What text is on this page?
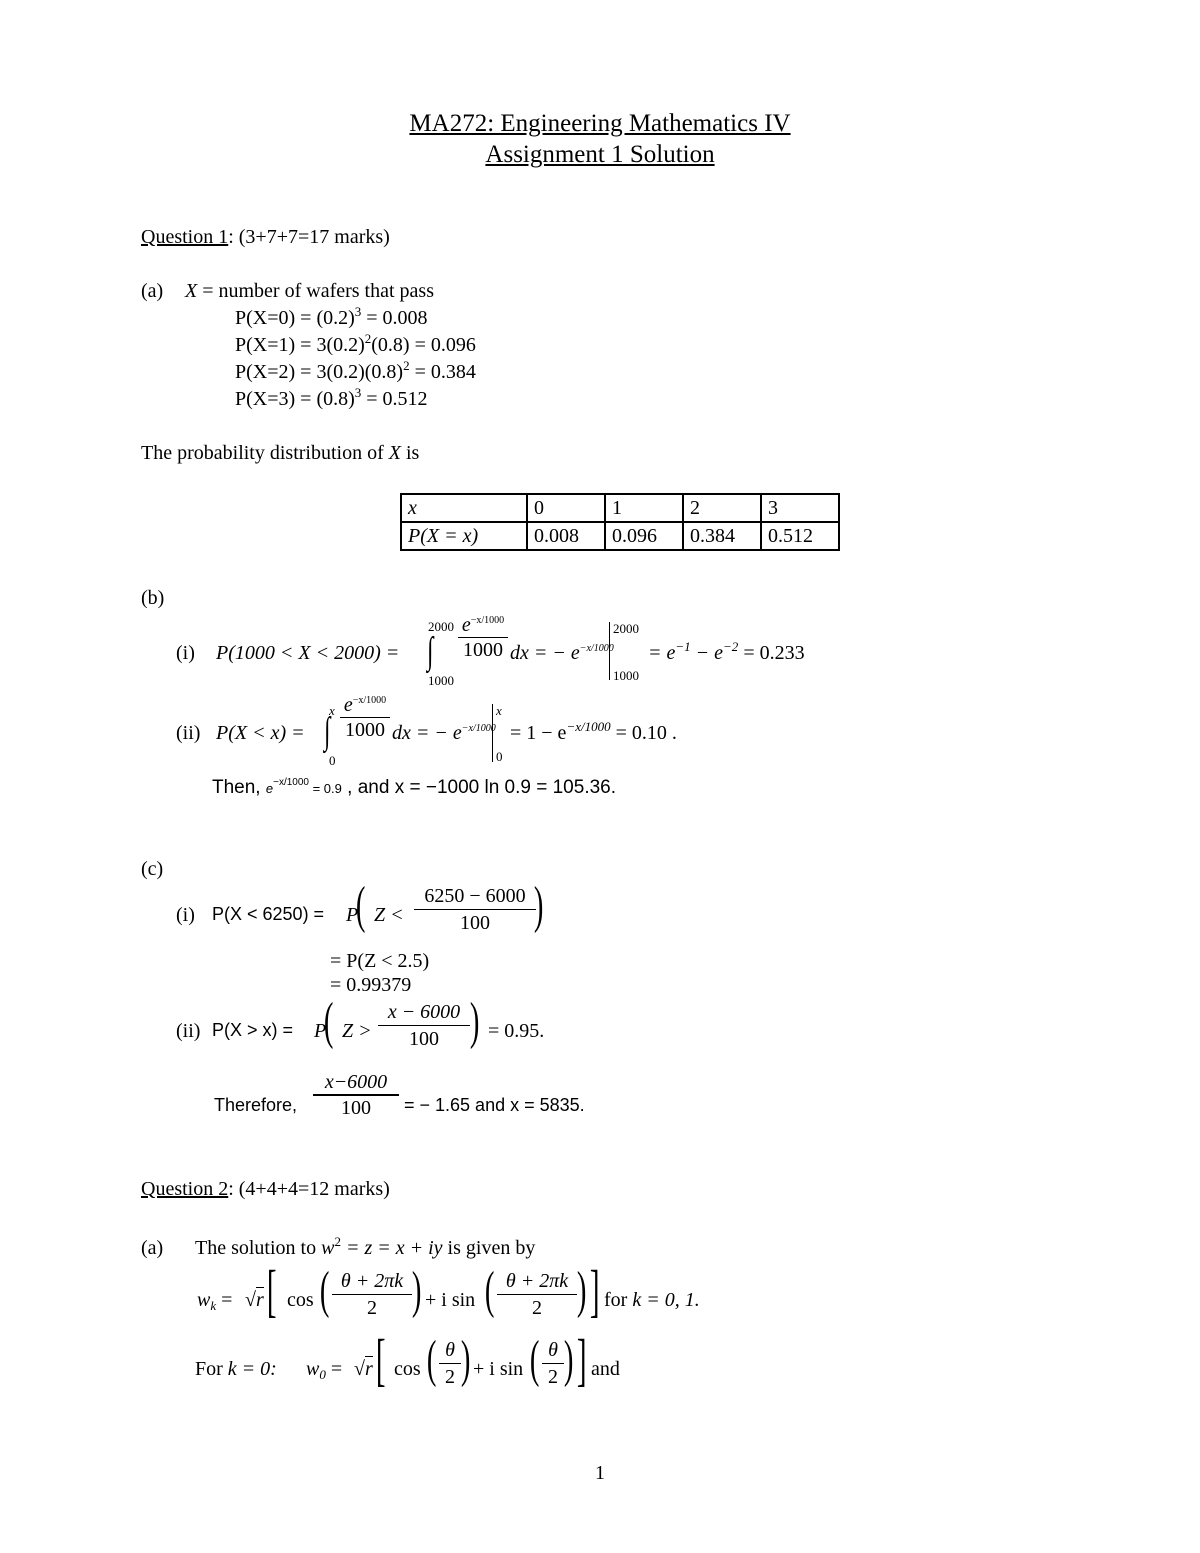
MA272: Engineering Mathematics IV
Assignment 1 Solution
Question 1: (3+7+7=17 marks)
(a) X = number of wafers that pass
$P(X=0) = (0.2)^3 = 0.008$
$P(X=1) = 3(0.2)^2(0.8) = 0.096$
$P(X=2) = 3(0.2)(0.8)^2 = 0.384$
$P(X=3) = (0.8)^3 = 0.512$
The probability distribution of X is
x	0	1	2	3
P(X = x)	0.008	0.096	0.384	0.512
(b)
(i) P(1000 < X < 2000) =
2000
∫
1000
$e^{-x/1000}$
1000 dx = − $e^{-x/1000}$
2000
1000
= $e^{-1} - e^{-2} = 0.233$
(ii) P(X < x) =
x
∫
0
$e^{-x/1000}$
1000 dx = − $e^{-x/1000}$
x
0
= $1 - e^{-x/1000} = 0.10$ .
Then, $e^{-x/1000} = 0.9$ , and x = −1000 ln 0.9 = 105.36.
(c)
(i) P(X < 6250) = P
( $Z < \frac{6250 - 6000}{100}$
)
= P(Z < 2.5)
= 0.99379
(ii) P(X > x) = P
( $Z > \frac{x - 6000}{100}$ ) = 0.95.
Therefore, $\frac{x-6000}{100}$ = − 1.65 and x = 5835.
Question 2: (4+4+4=12 marks)
(a) The solution to $w^2 = z = x$ + iy is given by
$w_k = √r$ [ cos ( $\frac{\theta + 2\pi k}{2}$ ) + i sin ( $\frac{\theta + 2\pi k}{2}$ ) ] for k = 0, 1.
For k = 0: $w_0 = √r$ [ cos ( $\frac{\theta}{2}$ ) + i sin ( $\frac{\theta}{2}$ ) ] and
1
